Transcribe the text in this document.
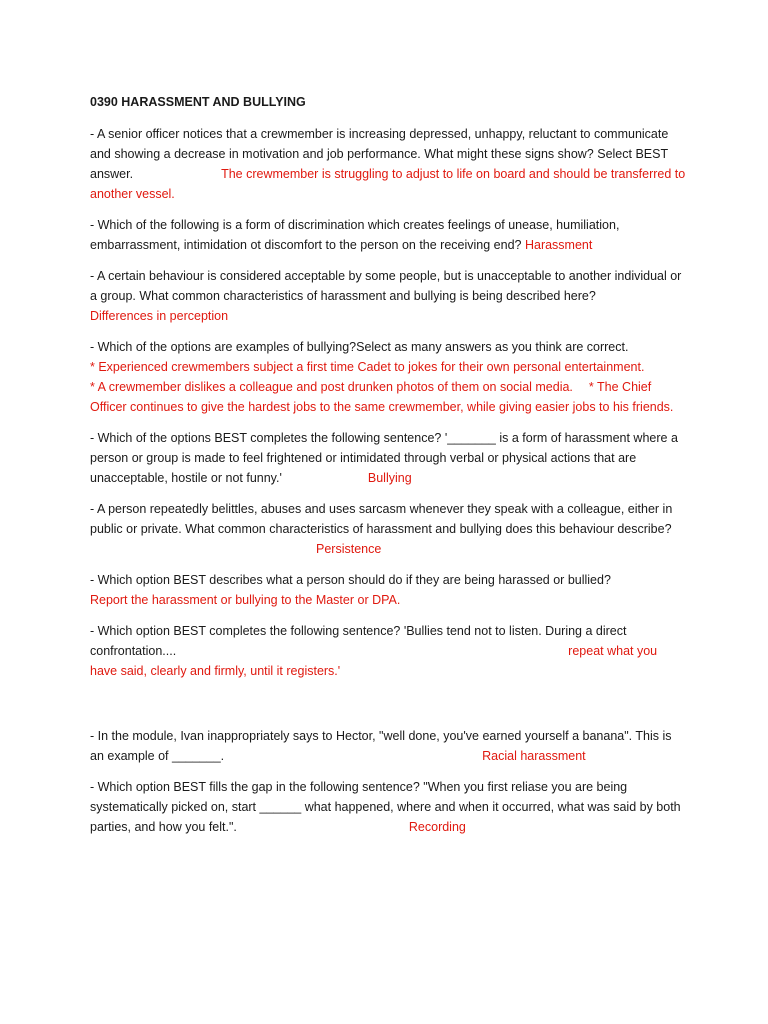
0390 HARASSMENT AND BULLYING
- A senior officer notices that a crewmember is increasing depressed, unhappy, reluctant to communicate and showing a decrease in motivation and job performance. What might these signs show? Select BEST answer.	The crewmember is struggling to adjust to life on board and should be transferred to another vessel.
- Which of the following is a form of discrimination which creates feelings of unease, humiliation, embarrassment, intimidation ot discomfort to the person on the receiving end? Harassment
- A certain behaviour is considered acceptable by some people, but is unacceptable to another individual or a group. What common characteristics of harassment and bullying is being described here?
Differences in perception
- Which of the options are examples of bullying?Select as many answers as you think are correct.
* Experienced crewmembers subject a first time Cadet to jokes for their own personal entertainment.
* A crewmember dislikes a colleague and post drunken photos of them on social media. * The Chief Officer continues to give the hardest jobs to the same crewmember, while giving easier jobs to his friends.
- Which of the options BEST completes the following sentence? '_______ is a form of harassment where a person or group is made to feel frightened or intimidated through verbal or physical actions that are unacceptable, hostile or not funny.'	Bullying
- A person repeatedly belittles, abuses and uses sarcasm whenever they speak with a colleague, either in public or private. What common characteristics of harassment and bullying does this behaviour describe?Persistence
- Which option BEST describes what a person should do if they are being harassed or bullied?
Report the harassment or bullying to the Master or DPA.
- Which option BEST completes the following sentence? 'Bullies tend not to listen. During a direct confrontation....	repeat what you have said, clearly and firmly, until it registers.'
- In the module, Ivan inappropriately says to Hector, "well done, you've earned yourself a banana". This is an example of _______.	Racial harassment
- Which option BEST fills the gap in the following sentence? "When you first reliase you are being systematically picked on, start ______ what happened, where and when it occurred, what was said by both parties, and how you felt.".	Recording
